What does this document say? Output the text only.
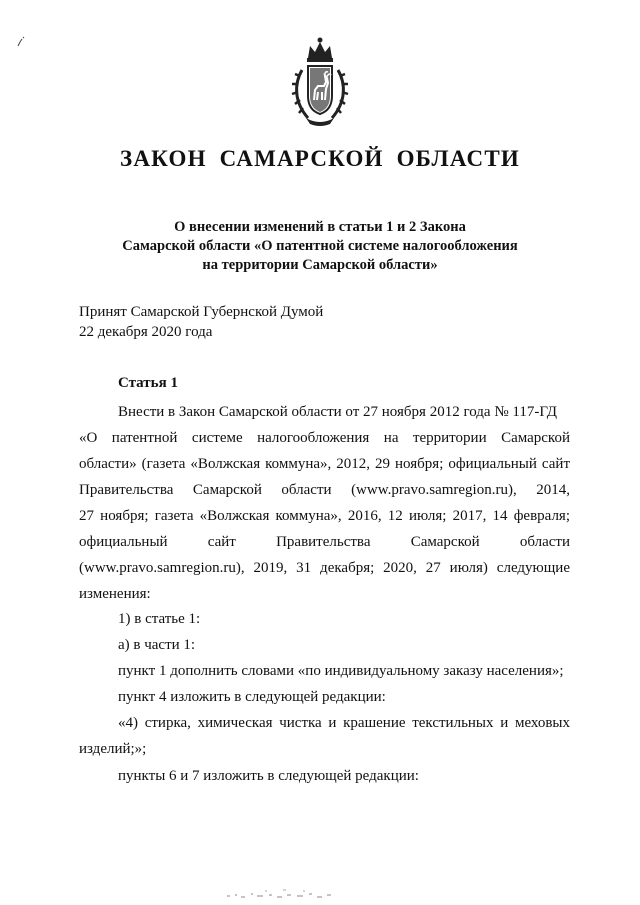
ЗАКОН САМАРСКОЙ ОБЛАСТИ
О внесении изменений в статьи 1 и 2 Закона
Самарской области «О патентной системе налогообложения
на территории Самарской области»
Принят Самарской Губернской Думой
22 декабря 2020 года
Статья 1
Внести в Закон Самарской области от 27 ноября 2012 года № 117-ГД
«О патентной системе налогообложения на территории Самарской
области» (газета «Волжская коммуна», 2012, 29 ноября; официальный сайт
Правительства Самарской области (www.pravo.samregion.ru), 2014,
27 ноября; газета «Волжская коммуна», 2016, 12 июля; 2017, 14 февраля;
официальный сайт Правительства Самарской области
(www.pravo.samregion.ru), 2019, 31 декабря; 2020, 27 июля) следующие
изменения:
1) в статье 1:
а) в части 1:
пункт 1 дополнить словами «по индивидуальному заказу населения»;
пункт 4 изложить в следующей редакции:
«4) стирка, химическая чистка и крашение текстильных и меховых
изделий;»;
пункты 6 и 7 изложить в следующей редакции:
